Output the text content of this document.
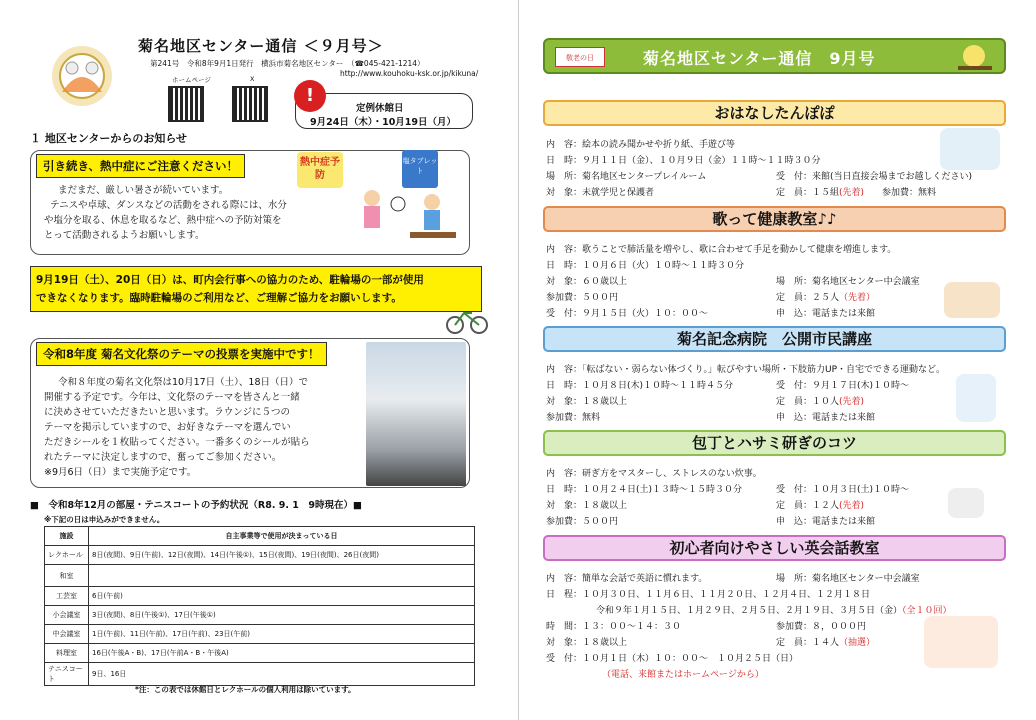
菊名地区センター通信 ＜９月号＞
第241号　令和8年9月1日発行　横浜市菊名地区センター　（☎045-421-1214）
http://www.kouhoku-ksk.or.jp/kikuna/
ホームページ	X
定例休館日
9月24日（木）・10月19日（月）
!
１ 地区センターからのお知らせ
引き続き、熱中症にご注意ください！
まだまだ、厳しい暑さが続いています。
テニスや卓球、ダンスなどの活動をされる際には、水分
や塩分を取る、休息を取るなど、熱中症への予防対策を
とって活動されるようお願いします。
熱中症予防
塩タブレット
9月19日（土）、20日（日）は、町内会行事への協力のため、駐輪場の一部が使用
できなくなります。臨時駐輪場のご利用など、ご理解ご協力をお願いします。
令和8年度 菊名文化祭のテーマの投票を実施中です！
令和８年度の菊名文化祭は10月17日（土）、18日（日）で
開催する予定です。今年は、文化祭のテーマを皆さんと一緒
に決めさせていただきたいと思います。ラウンジに５つの
テーマを掲示していますので、お好きなテーマを選んでい
ただきシールを１枚貼ってください。一番多くのシールが貼ら
れたテーマに決定しますので、奮ってご参加ください。
※9月6日（日）まで実施予定です。
■　令和8年12月の部屋・テニスコートの予約状況（R8. 9. 1　9時現在）■
※下記の日は申込みができません。
施設	自主事業等で使用が決まっている日
レクホール	8日(夜間)、9日(午前)、12日(夜間)、14日(午後①)、15日(夜間)、19日(夜間)、26日(夜間)
和室	
工芸室	6日(午前)
小会議室	3日(夜間)、8日(午後①)、17日(午後①)
中会議室	1日(午前)、11日(午前)、17日(午前)、23日(午前)
料理室	16日(午後A・B)、17日(午前A・B・午後A)
テニスコート	9日、16日
*注：この表では休館日とレクホールの個人利用は除いています。
敬老の日	菊名地区センター通信　9月号
おはなしたんぽぽ
内　容：絵本の読み聞かせや折り紙、手遊び等
日　時：９月１１日（金）、１０月９日（金）１１時～１１時３０分
場　所：菊名地区センタープレイルーム
対　象：未就学児と保護者
受　付：来館(当日直接会場までお越しください)
定　員：１５組(先着) 参加費：無料
歌って健康教室♪♪
内　容：歌うことで肺活量を増やし、歌に合わせて手足を動かして健康を増進します。
日　時：１０月６日（火）１０時～１１時３０分
対　象：６０歳以上
参加費：５００円
受　付：９月１５日（火）１０：００～
場　所：菊名地区センター中会議室
定　員：２５人（先着）
申　込：電話または来館
菊名記念病院　公開市民講座
内　容：「転ばない・弱らない体づくり。」転びやすい場所・下肢筋力UP・自宅でできる運動など。
日　時：１０月８日(木)１０時～１１時４５分
対　象：１８歳以上
参加費：無料
受　付：９月１７日(木)１０時～
定　員：１０人(先着)
申　込：電話または来館
包丁とハサミ研ぎのコツ
内　容：研ぎ方をマスターし、ストレスのない炊事。
日　時：１０月２４日(土)１３時～１５時３０分
対　象：１８歳以上
参加費：５００円
受　付：１０月３日(土)１０時～
定　員：１２人(先着)
申　込：電話または来館
初心者向けやさしい英会話教室
内　容：簡単な会話で英語に慣れます。
日　程：１０月３０日、１１月６日、１１月２０日、１２月４日、１２月１８日
令和９年１月１５日、１月２９日、２月５日、２月１９日、３月５日（金）（全１０回）
時　間：１３：００～１４：３０
対　象：１８歳以上
受　付：１０月１日（木）１０：００～　１０月２５日（日）
（電話、来館またはホームページから）
場　所：菊名地区センター中会議室
参加費：８，０００円
定　員：１４人（抽選）
